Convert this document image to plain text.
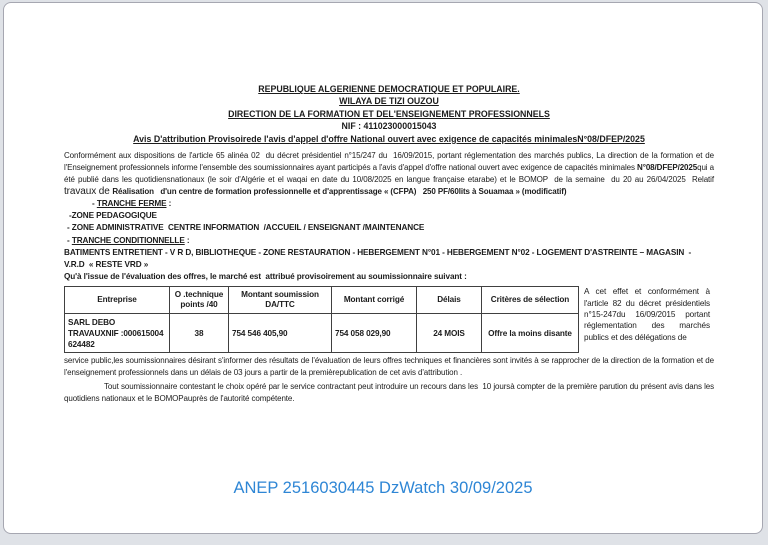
REPUBLIQUE ALGERIENNE DEMOCRATIQUE ET POPULAIRE.
WILAYA DE TIZI OUZOU
DIRECTION DE LA FORMATION ET DEL'ENSEIGNEMENT PROFESSIONNELS
NIF : 411023000015043
Avis D'attribution Provisoirede l'avis d'appel d'offre National ouvert avec exigence de capacités minimalesN°08/DFEP/2025

Conformément aux dispositions de l'article 65 alinéa 02  du décret présidentiel n°15/247 du  16/09/2015, portant réglementation des marchés publics, La direction de la formation et de l'Enseignement professionnels informe l'ensemble des soumissionnaires ayant participés a l'avis d'appel d'offre national ouvert avec exigence de capacités minimales N°08/DFEP/2025qui a été publié dans les quotidiensnationaux (le soir d'Algérie et el waqai en date du 10/08/2025 en langue française etarabe) et le BOMOP  de la semaine  du 20 au 26/04/2025  Relatif travaux de Réalisation   d'un centre de formation professionnelle et d'apprentissage « (CFPA)   250 PF/60lits à Souamaa » (modificatif)

- TRANCHE FERME :
-ZONE PEDAGOGIQUE
- ZONE ADMINISTRATIVE  CENTRE INFORMATION  /ACCUEIL / ENSEIGNANT /MAINTENANCE
- TRANCHE CONDITIONNELLE :
BATIMENTS ENTRETIENT - V R D, BIBLIOTHEQUE - ZONE RESTAURATION - HEBERGEMENT N°01 - HEBERGEMENT N°02 - LOGEMENT D'ASTREINTE – MAGASIN  -
V.R.D  « RESTE VRD »
Qu'à l'issue de l'évaluation des offres, le marché est  attribué provisoirement au soumissionnaire suivant :
Entreprise	O .technique points /40	Montant soumission DA/TTC	Montant corrigé	Délais	Critères de sélection

SARL DEBO
TRAVAUXNIF :000615004
624482	38	754 546 405,90	754 058 029,90	24 MOIS	Offre la moins disante
A cet effet et conformément à l'article 82 du décret présidentiels n°15-247du 16/09/2015 portant réglementation des marchés publics et des délégations de

service public,les soumissionnaires désirant s'informer des résultats de l'évaluation de leurs offres techniques et financières sont invités à se rapprocher de la direction de la formation et de l'enseignement professionnels dans un délais de 03 jours a partir de la premièrepublication de cet avis d'attribution .

Tout soumissionnaire contestant le choix opéré par le service contractant peut introduire un recours dans les  10 joursà compter de la première parution du présent avis dans les quotidiens nationaux et le BOMOPauprès de l'autorité compétente.

ANEP 2516030445 DzWatch 30/09/2025
